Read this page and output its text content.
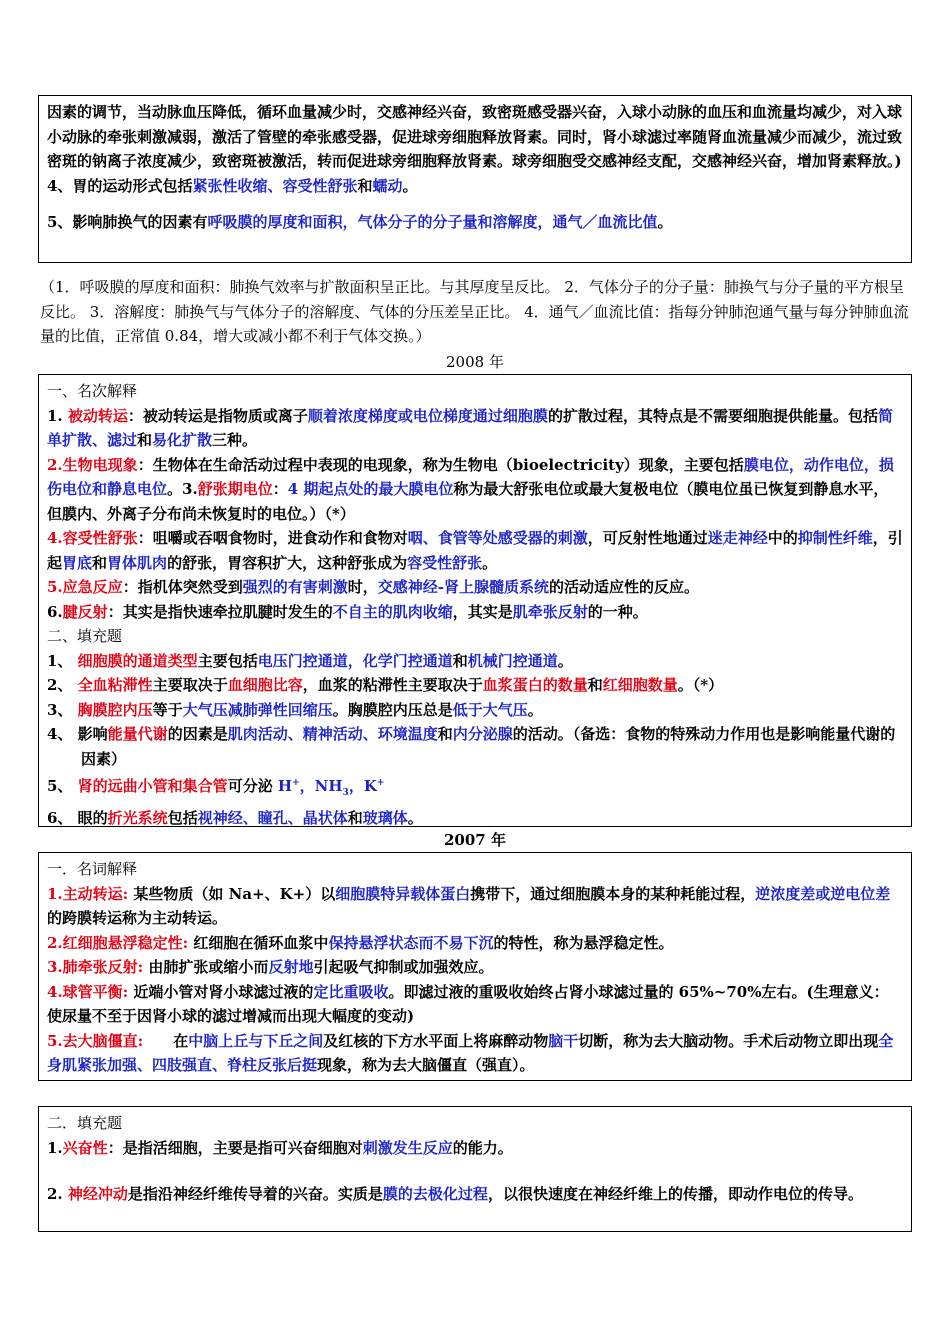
因素的调节，当动脉血压降低，循环血量减少时，交感神经兴奋，致密斑感受器兴奋，入球小动脉的血压和血流量均减少，对入球小动脉的牵张刺激减弱，激活了管壁的牵张感受器，促进球旁细胞释放肾素。同时，肾小球滤过率随肾血流量减少而减少，流过致密斑的钠离子浓度减少，致密斑被激活，转而促进球旁细胞释放肾素。球旁细胞受交感神经支配，交感神经兴奋，增加肾素释放。)

4、胃的运动形式包括紧张性收缩、容受性舒张和蠕动。

5、影响肺换气的因素有呼吸膜的厚度和面积，气体分子的分子量和溶解度，通气／血流比值。

（1．呼吸膜的厚度和面积：肺换气效率与扩散面积呈正比。与其厚度呈反比。 2．气体分子的分子量：肺换气与分子量的平方根呈反比。 3．溶解度：肺换气与气体分子的溶解度、气体的分压差呈正比。 4．通气／血流比值：指每分钟肺泡通气量与每分钟肺血流量的比值，正常值 0.84，增大或减小都不利于气体交换。）

2008 年

一、名次解释

1. 被动转运：被动转运是指物质或离子顺着浓度梯度或电位梯度通过细胞膜的扩散过程，其特点是不需要细胞提供能量。包括简单扩散、滤过和易化扩散三种。

2.生物电现象：生物体在生命活动过程中表现的电现象，称为生物电（bioelectricity）现象，主要包括膜电位，动作电位，损伤电位和静息电位。3.舒张期电位：4 期起点处的最大膜电位称为最大舒张电位或最大复极电位（膜电位虽已恢复到静息水平，但膜内、外离子分布尚未恢复时的电位。）（*）

4.容受性舒张：咀嚼或吞咽食物时，进食动作和食物对咽、食管等处感受器的刺激，可反射性地通过迷走神经中的抑制性纤维，引起胃底和胃体肌肉的舒张，胃容积扩大，这种舒张成为容受性舒张。

5.应急反应：指机体突然受到强烈的有害刺激时，交感神经-肾上腺髓质系统的活动适应性的反应。

6.腱反射：其实是指快速牵拉肌腱时发生的不自主的肌肉收缩，其实是肌牵张反射的一种。

二、填充题

1、 细胞膜的通道类型主要包括电压门控通道，化学门控通道和机械门控通道。

2、 全血粘滞性主要取决于血细胞比容，血浆的粘滞性主要取决于血浆蛋白的数量和红细胞数量。（*）

3、 胸膜腔内压等于大气压减肺弹性回缩压。胸膜腔内压总是低于大气压。

4、 影响能量代谢的因素是肌肉活动、精神活动、环境温度和内分泌腺的活动。（备选：食物的特殊动力作用也是影响能量代谢的因素）

5、 肾的远曲小管和集合管可分泌 H+，$NH_3$，K+

6、 眼的折光系统包括视神经、瞳孔、晶状体和玻璃体。

2007 年

一．名词解释

1.主动转运: 某些物质（如 Na+、K+）以细胞膜特异载体蛋白携带下，通过细胞膜本身的某种耗能过程，逆浓度差或逆电位差的跨膜转运称为主动转运。

2.红细胞悬浮稳定性: 红细胞在循环血浆中保持悬浮状态而不易下沉的特性，称为悬浮稳定性。

3.肺牵张反射: 由肺扩张或缩小而反射地引起吸气抑制或加强效应。

4.球管平衡: 近端小管对肾小球滤过液的定比重吸收。即滤过液的重吸收始终占肾小球滤过量的 65%~70%左右。(生理意义：使尿量不至于因肾小球的滤过增减而出现大幅度的变动)

5.去大脑僵直:　　在中脑上丘与下丘之间及红核的下方水平面上将麻醉动物脑干切断，称为去大脑动物。手术后动物立即出现全身肌紧张加强、四肢强直、脊柱反张后挺现象，称为去大脑僵直（强直）。

二．填充题

1.兴奋性：是指活细胞，主要是指可兴奋细胞对刺激发生反应的能力。

2. 神经冲动是指沿神经纤维传导着的兴奋。实质是膜的去极化过程，以很快速度在神经纤维上的传播，即动作电位的传导。
